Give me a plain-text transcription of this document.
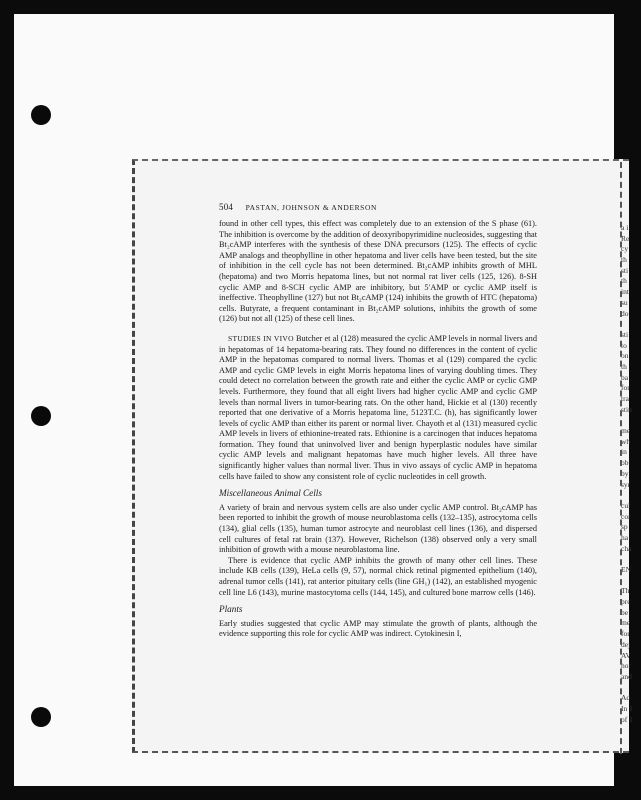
504 PASTAN, JOHNSON & ANDERSON

found in other cell types, this effect was completely due to an extension of the S phase (61). The inhibition is overcome by the addition of deoxyribopyrimidine nucleosides, suggesting that Bt₂cAMP interferes with the synthesis of these DNA precursors (125). The effects of cyclic AMP analogs and theophylline in other hepatoma and liver cells have been tested, but the site of inhibition in the cell cycle has not been determined. Bt₂cAMP inhibits growth of MHL (hepatoma) and two Morris hepatoma lines, but not normal rat liver cells (125, 126). 8-SH cyclic AMP and 8-SCH cyclic AMP are inhibitory, but 5′AMP or cyclic AMP itself is ineffective. Theophylline (127) but not Bt₂cAMP (124) inhibits the growth of HTC (hepatoma) cells. Butyrate, a frequent contaminant in Bt₂cAMP solutions, inhibits the growth of some (126) but not all (125) of these cell lines.

STUDIES IN VIVO Butcher et al (128) measured the cyclic AMP levels in normal livers and in hepatomas of 14 hepatoma-bearing rats. They found no differences in the content of cyclic AMP in the hepatomas compared to normal livers. Thomas et al (129) compared the cyclic AMP and cyclic GMP levels in eight Morris hepatoma lines of varying doubling times. They could detect no correlation between the growth rate and either the cyclic AMP or cyclic GMP levels. Furthermore, they found that all eight livers had higher cyclic AMP and cyclic GMP levels than normal livers in tumor-bearing rats. On the other hand, Hickie et al (130) recently reported that one derivative of a Morris hepatoma line, 5123T.C. (h), has significantly lower levels of cyclic AMP than either its parent or normal liver. Chayoth et al (131) measured cyclic AMP levels in livers of ethionine-treated rats. Ethionine is a carcinogen that induces hepatoma formation. They found that uninvolved liver and benign hyperplastic nodules have similar cyclic AMP levels and malignant hepatomas have much higher levels. All three have significantly higher values than normal liver. Thus in vivo assays of cyclic AMP in hepatoma cells have failed to show any consistent role of cyclic nucleotides in cell growth.

Miscellaneous Animal Cells

A variety of brain and nervous system cells are also under cyclic AMP control. Bt₂cAMP has been reported to inhibit the growth of mouse neuroblastoma cells (132–135), astrocytoma cells (134), glial cells (135), human tumor astrocyte and neuroblast cell lines (136), and dispersed cell cultures of fetal rat brain (137). However, Richelson (138) observed only a very small inhibition of growth with a mouse neuroblastoma line.

There is evidence that cyclic AMP inhibits the growth of many other cell lines. These include KB cells (139), HeLa cells (9, 57), normal chick retinal pigmented epithelium (140), adrenal tumor cells (141), rat anterior pituitary cells (line GH₁) (142), an established myogenic cell line L6 (143), murine mastocytoma cells (144, 145), and cultured bone marrow cells (146).

Plants

Early studies suggested that cyclic AMP may stimulate the growth of plants, although the evidence supporting this role for cyclic AMP was indirect. Cytokinesin I,

a i
Re
cy
th
sti
th
int
su
do
sti
to
on
th
ba
for
tra
stin
me
wh
in
ob
by
syr
cul
cor
sp
ha
cha
EN
Th
prc
be
me
for
dej
AV
hor
and
Ad
In 1
of 1
